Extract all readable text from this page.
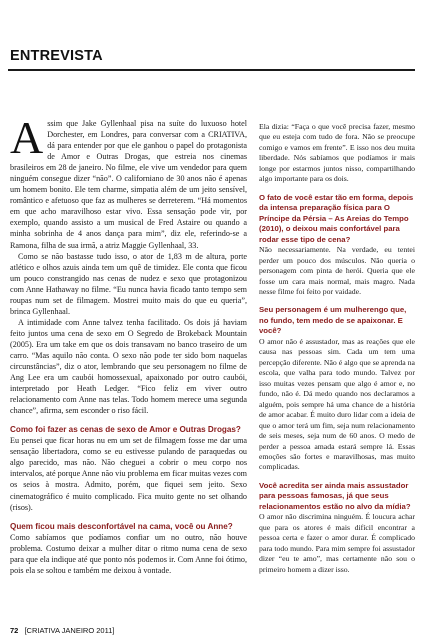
ENTREVISTA

Assim que Jake Gyllenhaal pisa na suíte do luxuoso hotel Dorchester, em Londres, para conversar com a CRIATIVA, dá para entender por que ele ganhou o papel do protagonista de Amor e Outras Drogas, que estreia nos cinemas brasileiros em 28 de janeiro. No filme, ele vive um vendedor para quem ninguém consegue dizer “não”. O californiano de 30 anos não é apenas um homem bonito. Ele tem charme, simpatia além de um jeito sensível, romântico e afetuoso que faz as mulheres se derreterem. “Há momentos em que acho maravilhoso estar vivo. Essa sensação pode vir, por exemplo, quando assisto a um musical de Fred Astaire ou quando a minha sobrinha de 4 anos dança para mim”, diz ele, referindo-se a Ramona, filha de sua irmã, a atriz Maggie Gyllenhaal, 33.

Como se não bastasse tudo isso, o ator de 1,83 m de altura, porte atlético e olhos azuis ainda tem um quê de timidez. Ele conta que ficou um pouco constrangido nas cenas de nudez e sexo que protagonizou com Anne Hathaway no filme. “Eu nunca havia ficado tanto tempo sem roupas num set de filmagem. Mostrei muito mais do que eu queria”, brinca Gyllenhaal.

A intimidade com Anne talvez tenha facilitado. Os dois já haviam feito juntos uma cena de sexo em O Segredo de Brokeback Mountain (2005). Era um take em que os dois transavam no banco traseiro de um carro. “Mas aquilo não conta. O sexo não pode ter sido bom naquelas circunstâncias”, diz o ator, lembrando que seu personagem no filme de Ang Lee era um caubói homossexual, apaixonado por outro caubói, interpretado por Heath Ledger. “Fico feliz em viver outro relacionamento com Anne nas telas. Todo homem merece uma segunda chance”, afirma, sem esconder o riso fácil.

Como foi fazer as cenas de sexo de Amor e Outras Drogas?

Eu pensei que ficar horas nu em um set de filmagem fosse me dar uma sensação libertadora, como se eu estivesse pulando de paraquedas ou algo parecido, mas não. Não cheguei a cobrir o meu corpo nos intervalos, até porque Anne não viu problema em ficar muitas vezes com os seios à mostra. Admito, porém, que fiquei sem jeito. Sexo cinematográfico é muito complicado. Fica muito gente no set olhando (risos).

Quem ficou mais desconfortável na cama, você ou Anne?

Como sabíamos que podíamos confiar um no outro, não houve problema. Costumo deixar a mulher ditar o ritmo numa cena de sexo para que ela indique até que ponto nós podemos ir. Com Anne foi ótimo, pois ela se soltou e também me deixou à vontade.

Ela dizia: “Faça o que você precisa fazer, mesmo que eu esteja com tudo de fora. Não se preocupe comigo e vamos em frente”. E isso nos deu muita liberdade. Nós sabíamos que podíamos ir mais longe por estarmos juntos nisso, compartilhando algo importante para os dois.

O fato de você estar tão em forma, depois da intensa preparação física para O Príncipe da Pérsia – As Areias do Tempo (2010), o deixou mais confortável para rodar esse tipo de cena?

Não necessariamente. Na verdade, eu tentei perder um pouco dos músculos. Não queria o personagem com pinta de herói. Queria que ele fosse um cara mais normal, mais magro. Nada nesse filme foi feito por vaidade.

Seu personagem é um mulherengo que, no fundo, tem medo de se apaixonar. E você?

O amor não é assustador, mas as reações que ele causa nas pessoas sim. Cada um tem uma percepção diferente. Não é algo que se aprenda na escola, que valha para todo mundo. Talvez por isso muitas vezes pensam que algo é amor e, no fundo, não é. Dá medo quando nos declaramos a alguém, pois sempre há uma chance de a história de amor acabar. É muito duro lidar com a ideia de que o amor terá um fim, seja num relacionamento de seis meses, seja num de 60 anos. O medo de perder a pessoa amada estará sempre lá. Essas emoções são fortes e maravilhosas, mas muito complicadas.

Você acredita ser ainda mais assustador para pessoas famosas, já que seus relacionamentos estão no alvo da mídia?

O amor não discrimina ninguém. É loucura achar que para os atores é mais difícil encontrar a pessoa certa e fazer o amor durar. É complicado para todo mundo. Para mim sempre foi assustador dizer “eu te amo”, mas certamente não sou o primeiro homem a dizer isso.

72 [CRIATIVA JANEIRO 2011]
